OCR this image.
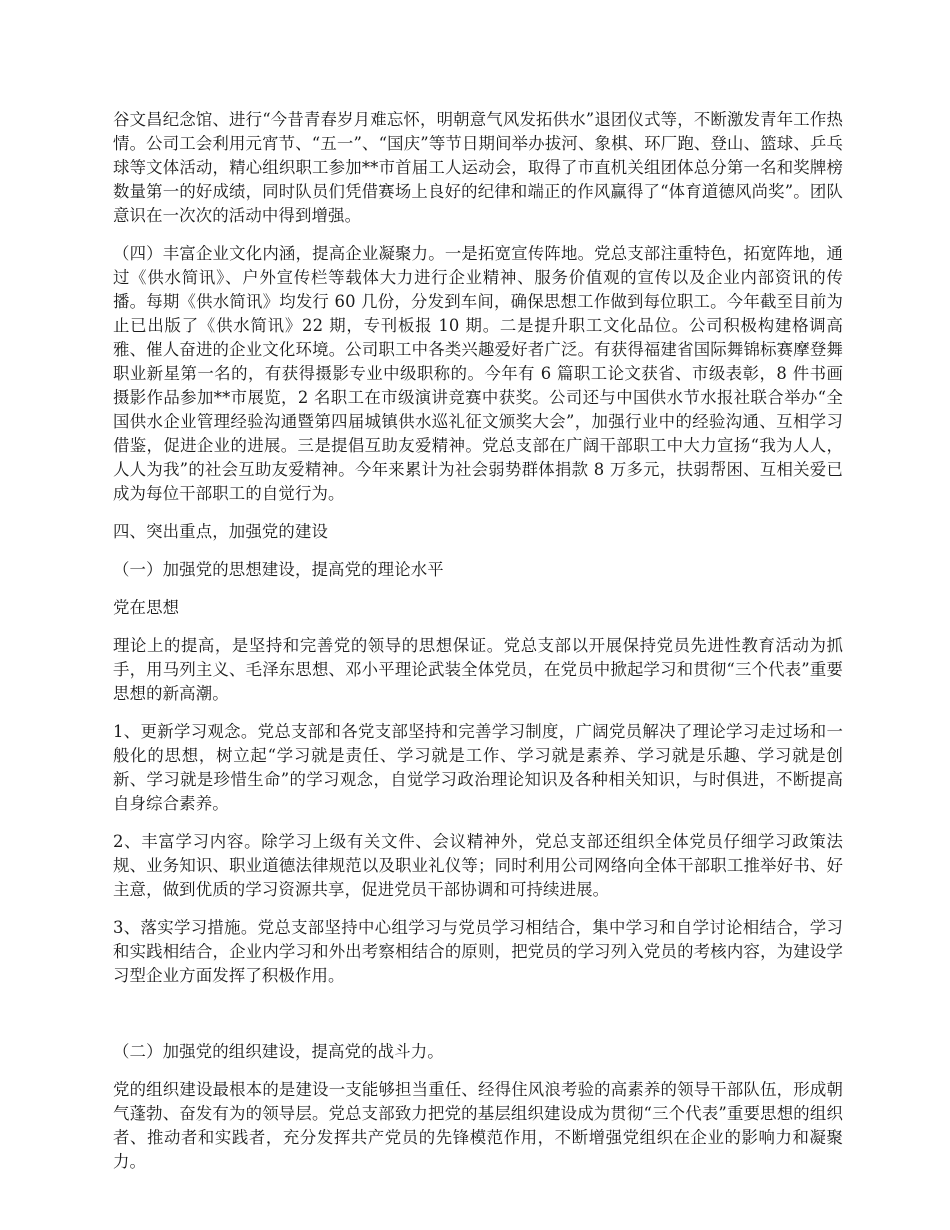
谷文昌纪念馆、进行“今昔青春岁月难忘怀，明朝意气风发拓供水”退团仪式等，不断激发青年工作热情。公司工会利用元宵节、“五一”、“国庆”等节日期间举办拔河、象棋、环厂跑、登山、篮球、乒乓球等文体活动，精心组织职工参加**市首届工人运动会，取得了市直机关组团体总分第一名和奖牌榜数量第一的好成绩，同时队员们凭借赛场上良好的纪律和端正的作风赢得了“体育道德风尚奖”。团队意识在一次次的活动中得到增强。

（四）丰富企业文化内涵，提高企业凝聚力。一是拓宽宣传阵地。党总支部注重特色，拓宽阵地，通过《供水简讯》、户外宣传栏等载体大力进行企业精神、服务价值观的宣传以及企业内部资讯的传播。每期《供水简讯》均发行 60 几份，分发到车间，确保思想工作做到每位职工。今年截至目前为止已出版了《供水简讯》22 期，专刊板报 10 期。二是提升职工文化品位。公司积极构建格调高雅、催人奋进的企业文化环境。公司职工中各类兴趣爱好者广泛。有获得福建省国际舞锦标赛摩登舞职业新星第一名的，有获得摄影专业中级职称的。今年有 6 篇职工论文获省、市级表彰，8 件书画摄影作品参加**市展览，2 名职工在市级演讲竞赛中获奖。公司还与中国供水节水报社联合举办“全国供水企业管理经验沟通暨第四届城镇供水巡礼征文颁奖大会”，加强行业中的经验沟通、互相学习借鉴，促进企业的进展。三是提倡互助友爱精神。党总支部在广阔干部职工中大力宣扬“我为人人，人人为我”的社会互助友爱精神。今年来累计为社会弱势群体捐款 8 万多元，扶弱帮困、互相关爱已成为每位干部职工的自觉行为。

四、突出重点，加强党的建设

（一）加强党的思想建设，提高党的理论水平

党在思想

理论上的提高，是坚持和完善党的领导的思想保证。党总支部以开展保持党员先进性教育活动为抓手，用马列主义、毛泽东思想、邓小平理论武装全体党员，在党员中掀起学习和贯彻“三个代表”重要思想的新高潮。

1、更新学习观念。党总支部和各党支部坚持和完善学习制度，广阔党员解决了理论学习走过场和一般化的思想，树立起“学习就是责任、学习就是工作、学习就是素养、学习就是乐趣、学习就是创新、学习就是珍惜生命”的学习观念，自觉学习政治理论知识及各种相关知识，与时俱进，不断提高自身综合素养。

2、丰富学习内容。除学习上级有关文件、会议精神外，党总支部还组织全体党员仔细学习政策法规、业务知识、职业道德法律规范以及职业礼仪等；同时利用公司网络向全体干部职工推举好书、好主意，做到优质的学习资源共享，促进党员干部协调和可持续进展。

3、落实学习措施。党总支部坚持中心组学习与党员学习相结合，集中学习和自学讨论相结合，学习和实践相结合，企业内学习和外出考察相结合的原则，把党员的学习列入党员的考核内容，为建设学习型企业方面发挥了积极作用。

（二）加强党的组织建设，提高党的战斗力。

党的组织建设最根本的是建设一支能够担当重任、经得住风浪考验的高素养的领导干部队伍，形成朝气蓬勃、奋发有为的领导层。党总支部致力把党的基层组织建设成为贯彻“三个代表”重要思想的组织者、推动者和实践者，充分发挥共产党员的先锋模范作用，不断增强党组织在企业的影响力和凝聚力。
